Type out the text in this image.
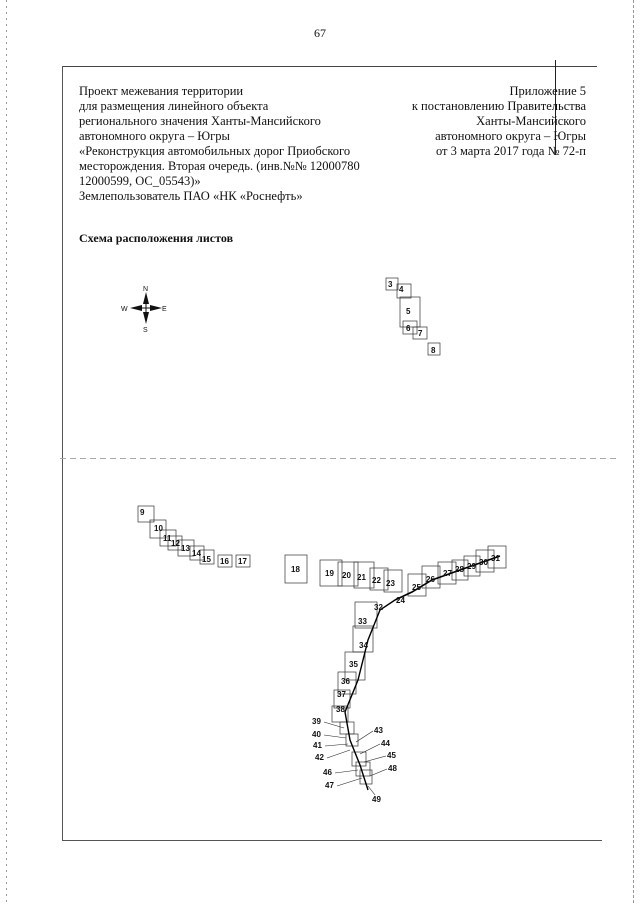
67
Проект межевания территории
для размещения линейного объекта
регионального значения Ханты-Мансийского
автономного округа – Югры
«Реконструкция автомобильных дорог Приобского
месторождения. Вторая очередь. (инв.№№ 12000780
12000599, ОС_05543)»
Землепользователь ПАО «НК «Роснефть»
Приложение 5
к постановлению Правительства
Ханты-Мансийского
автономного округа – Югры
от 3 марта 2017 года № 72-п
Схема расположения листов
N
S
W	E
3
4
5
6
7
8
9
10
11
12
13
14
15 16 17
18	19 20 21 22 23
24
25
26
27 28 29 30 31
32
33
34
35
36
37
38
39
40
41
42
43
44
45
46
47
48
49
